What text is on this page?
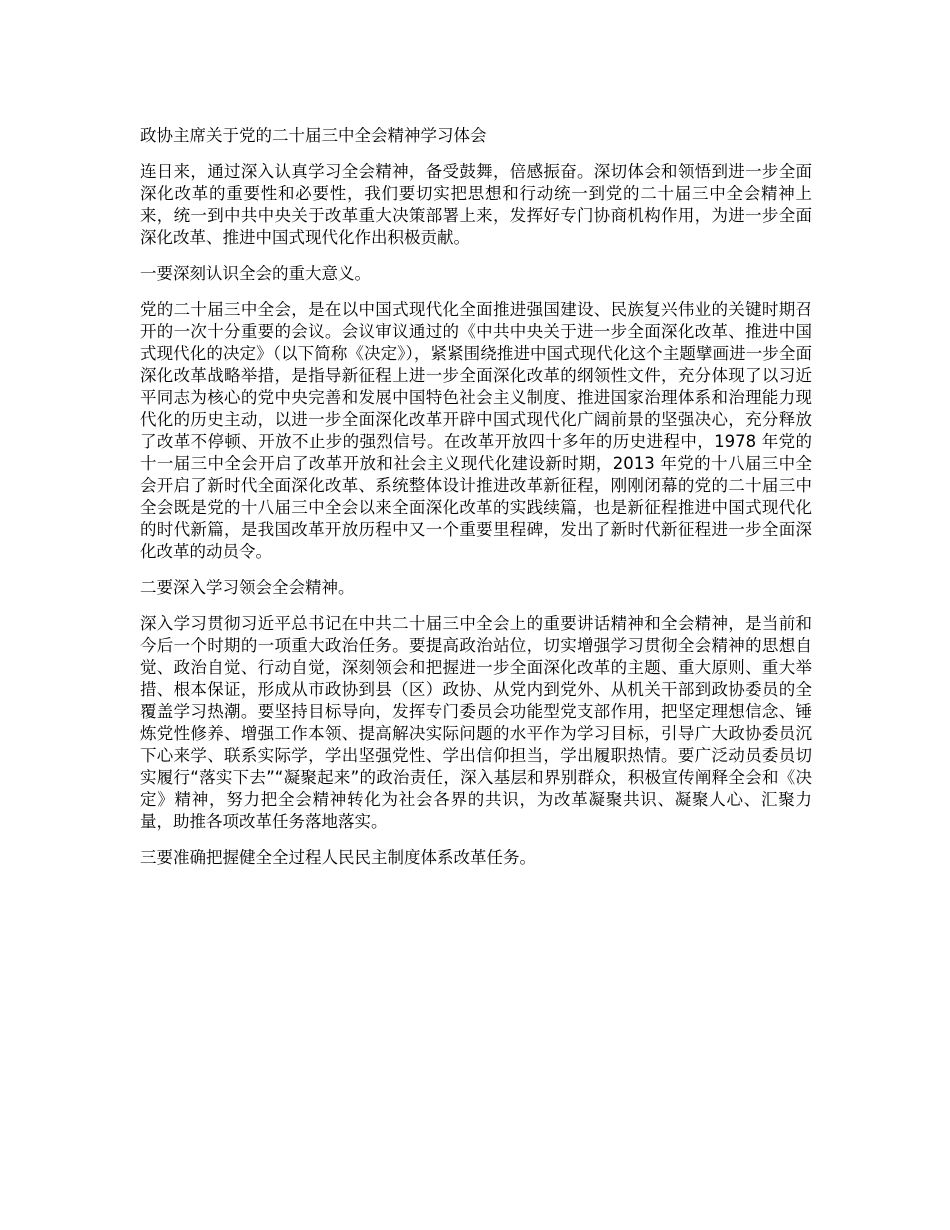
政协主席关于党的二十届三中全会精神学习体会

连日来，通过深入认真学习全会精神，备受鼓舞，倍感振奋。深切体会和领悟到进一步全面深化改革的重要性和必要性，我们要切实把思想和行动统一到党的二十届三中全会精神上来，统一到中共中央关于改革重大决策部署上来，发挥好专门协商机构作用，为进一步全面深化改革、推进中国式现代化作出积极贡献。

一要深刻认识全会的重大意义。

党的二十届三中全会，是在以中国式现代化全面推进强国建设、民族复兴伟业的关键时期召开的一次十分重要的会议。会议审议通过的《中共中央关于进一步全面深化改革、推进中国式现代化的决定》（以下简称《决定》），紧紧围绕推进中国式现代化这个主题擘画进一步全面深化改革战略举措，是指导新征程上进一步全面深化改革的纲领性文件，充分体现了以习近平同志为核心的党中央完善和发展中国特色社会主义制度、推进国家治理体系和治理能力现代化的历史主动，以进一步全面深化改革开辟中国式现代化广阔前景的坚强决心，充分释放了改革不停顿、开放不止步的强烈信号。在改革开放四十多年的历史进程中，1978 年党的十一届三中全会开启了改革开放和社会主义现代化建设新时期，2013 年党的十八届三中全会开启了新时代全面深化改革、系统整体设计推进改革新征程，刚刚闭幕的党的二十届三中全会既是党的十八届三中全会以来全面深化改革的实践续篇，也是新征程推进中国式现代化的时代新篇，是我国改革开放历程中又一个重要里程碑，发出了新时代新征程进一步全面深化改革的动员令。

二要深入学习领会全会精神。

深入学习贯彻习近平总书记在中共二十届三中全会上的重要讲话精神和全会精神，是当前和今后一个时期的一项重大政治任务。要提高政治站位，切实增强学习贯彻全会精神的思想自觉、政治自觉、行动自觉，深刻领会和把握进一步全面深化改革的主题、重大原则、重大举措、根本保证，形成从市政协到县（区）政协、从党内到党外、从机关干部到政协委员的全覆盖学习热潮。要坚持目标导向，发挥专门委员会功能型党支部作用，把坚定理想信念、锤炼党性修养、增强工作本领、提高解决实际问题的水平作为学习目标，引导广大政协委员沉下心来学、联系实际学，学出坚强党性、学出信仰担当，学出履职热情。要广泛动员委员切实履行“落实下去”“凝聚起来”的政治责任，深入基层和界别群众，积极宣传阐释全会和《决定》精神，努力把全会精神转化为社会各界的共识，为改革凝聚共识、凝聚人心、汇聚力量，助推各项改革任务落地落实。

三要准确把握健全全过程人民民主制度体系改革任务。
